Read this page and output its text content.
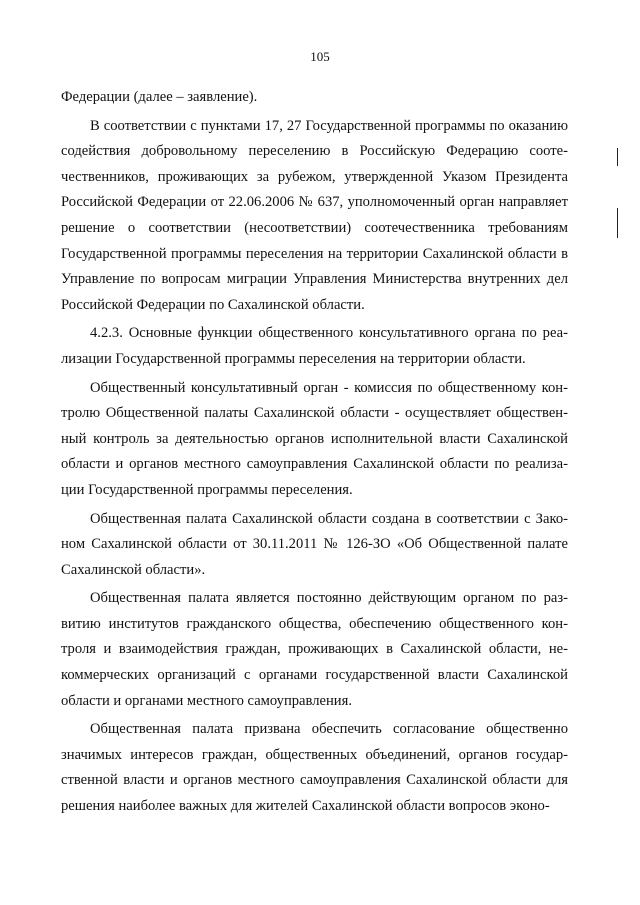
105

Федерации (далее – заявление).

В соответствии с пунктами 17, 27 Государственной программы по оказанию содействия добровольному переселению в Российскую Федерацию соотeчественников, проживающих за рубежом, утвержденной Указом Президента Российской Федерации от 22.06.2006 № 637, уполномоченный орган направляет решение о соответствии (несоответствии) соотечественника требованиям Государственной программы переселения на территории Сахалинской области в Управление по вопросам миграции Управления Министерства внутренних дел Российской Федерации по Сахалинской области.

4.2.3. Основные функции общественного консультативного органа по реализации Государственной программы переселения на территории области.

Общественный консультативный орган - комиссия по общественному контролю Общественной палаты Сахалинской области - осуществляет общественный контроль за деятельностью органов исполнительной власти Сахалинской области и органов местного самоуправления Сахалинской области по реализации Государственной программы переселения.

Общественная палата Сахалинской области создана в соответствии с Законом Сахалинской области от 30.11.2011 № 126-ЗО «Об Общественной палате Сахалинской области».

Общественная палата является постоянно действующим органом по развитию институтов гражданского общества, обеспечению общественного контроля и взаимодействия граждан, проживающих в Сахалинской области, некоммерческих организаций с органами государственной власти Сахалинской области и органами местного самоуправления.

Общественная палата призвана обеспечить согласование общественно значимых интересов граждан, общественных объединений, органов государственной власти и органов местного самоуправления Сахалинской области для решения наиболее важных для жителей Сахалинской области вопросов эконо-
